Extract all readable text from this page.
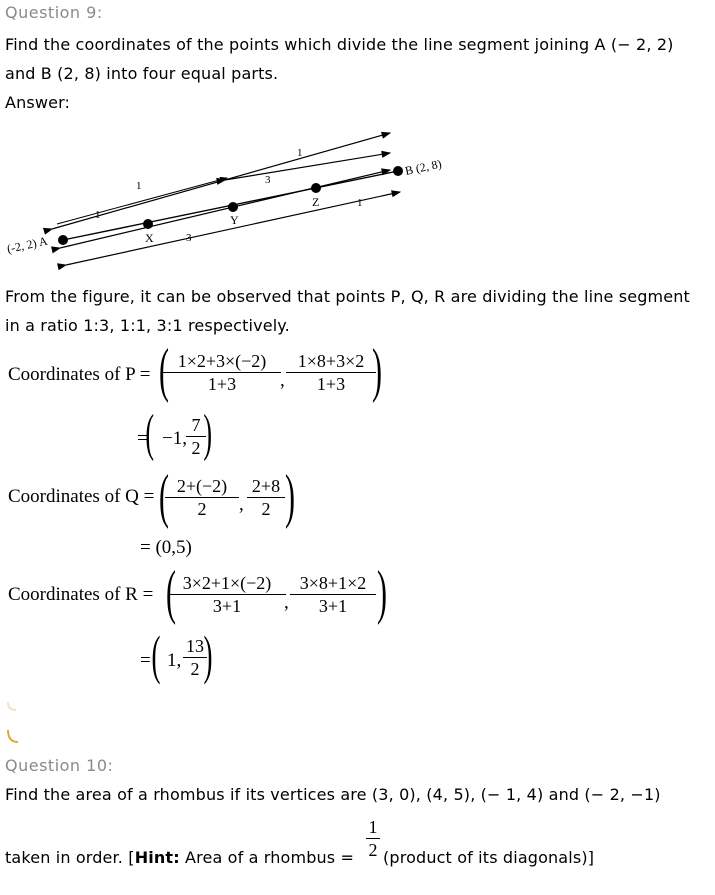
Question 9:
Find the coordinates of the points which divide the line segment joining A (− 2, 2)
and B (2, 8) into four equal parts.
Answer:
(-2, 2) A
B (2, 8)
X
Y
Z
1
1
3
1
1
3
From the figure, it can be observed that points P, Q, R are dividing the line segment
in a ratio 1:3, 1:1, 3:1 respectively.
Coordinates of P = ( 1×2+3×(−2)
1+3	,
1×8+3×2
1+3 )
=
( −1,
7
2 )
Coordinates of Q = ( 2+(−2)
2	,
2+8
2 )
= (0,5)
Coordinates of R = ( 3×2+1×(−2)
3+1	,
3×8+1×2
3+1 )
= ( 1,
13
2 )
Question 10:
Find the area of a rhombus if its vertices are (3, 0), (4, 5), (− 1, 4) and (− 2, −1)
taken in order. [Hint: Area of a rhombus =
1
2 (product of its diagonals)]
